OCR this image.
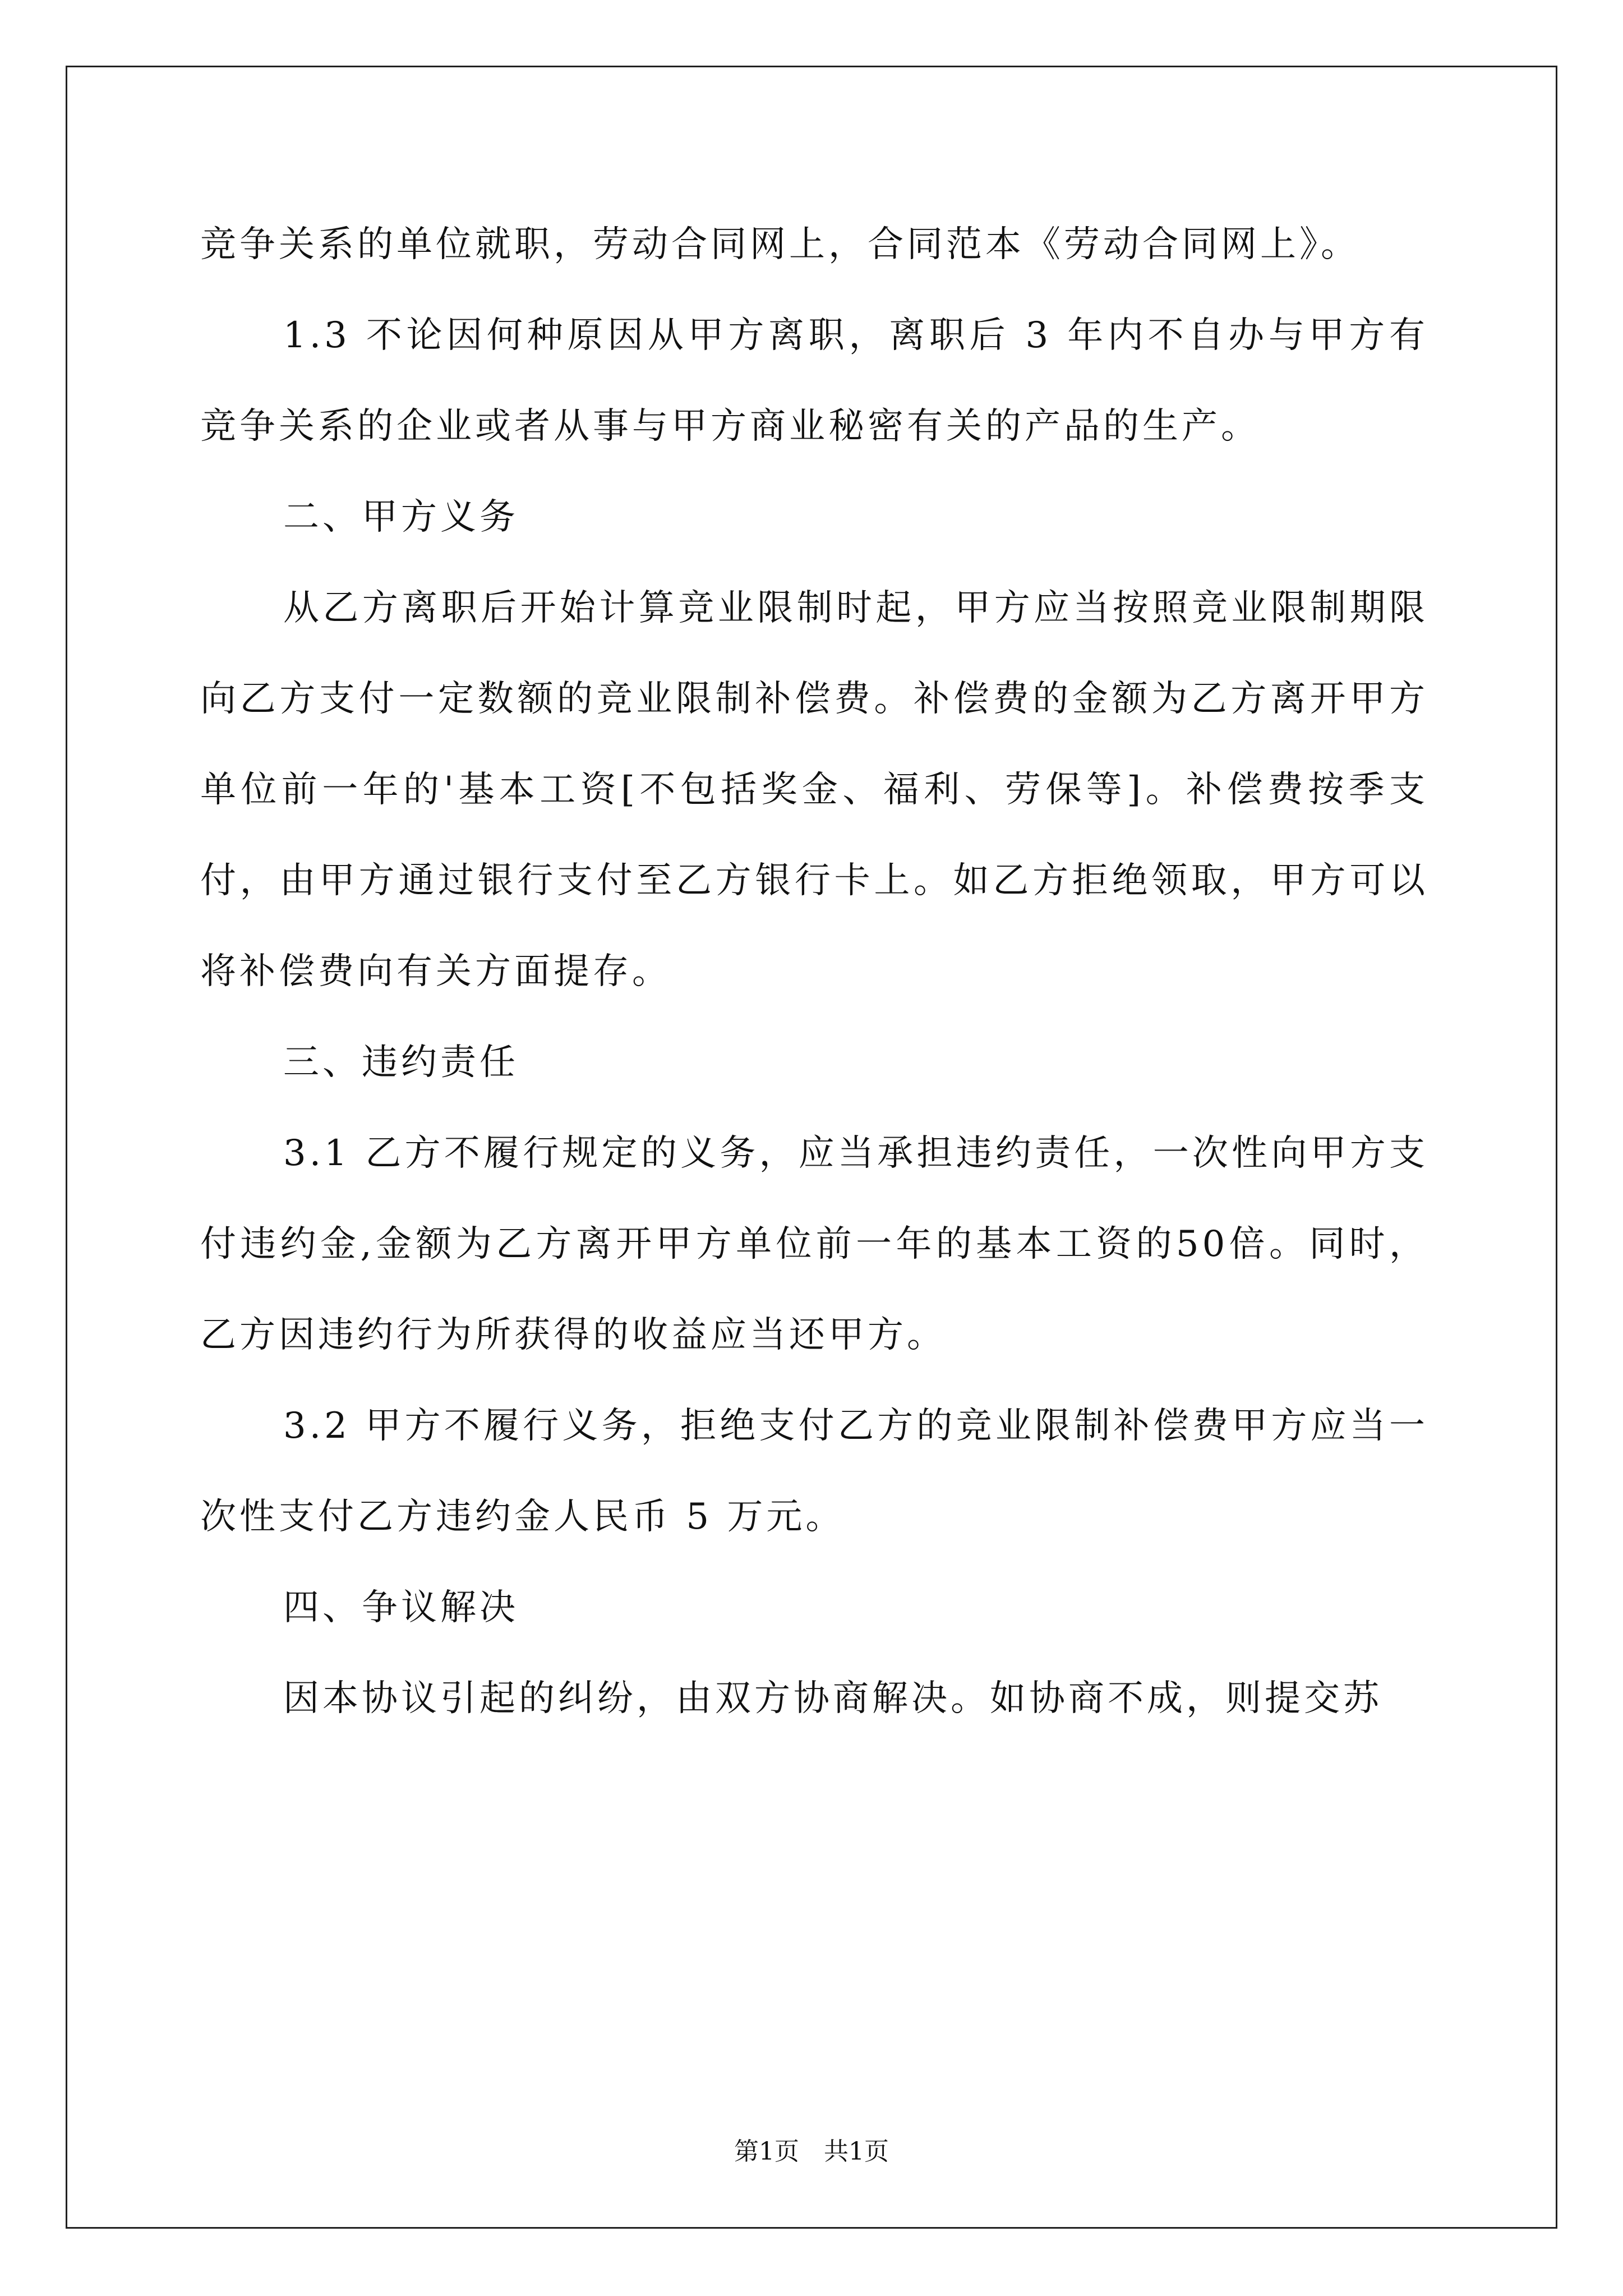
竞争关系的单位就职，劳动合同网上，合同范本《劳动合同网上》。

1.3 不论因何种原因从甲方离职，离职后 3 年内不自办与甲方有竞争关系的企业或者从事与甲方商业秘密有关的产品的生产。

二、甲方义务

从乙方离职后开始计算竞业限制时起，甲方应当按照竞业限制期限向乙方支付一定数额的竞业限制补偿费。补偿费的金额为乙方离开甲方单位前一年的'基本工资[不包括奖金、福利、劳保等]。补偿费按季支付，由甲方通过银行支付至乙方银行卡上。如乙方拒绝领取，甲方可以将补偿费向有关方面提存。

三、违约责任

3.1 乙方不履行规定的义务，应当承担违约责任，一次性向甲方支付违约金,金额为乙方离开甲方单位前一年的基本工资的50倍。同时，乙方因违约行为所获得的收益应当还甲方。

3.2 甲方不履行义务，拒绝支付乙方的竞业限制补偿费甲方应当一次性支付乙方违约金人民币 5 万元。

四、争议解决

因本协议引起的纠纷，由双方协商解决。如协商不成，则提交苏

第1页　共1页
